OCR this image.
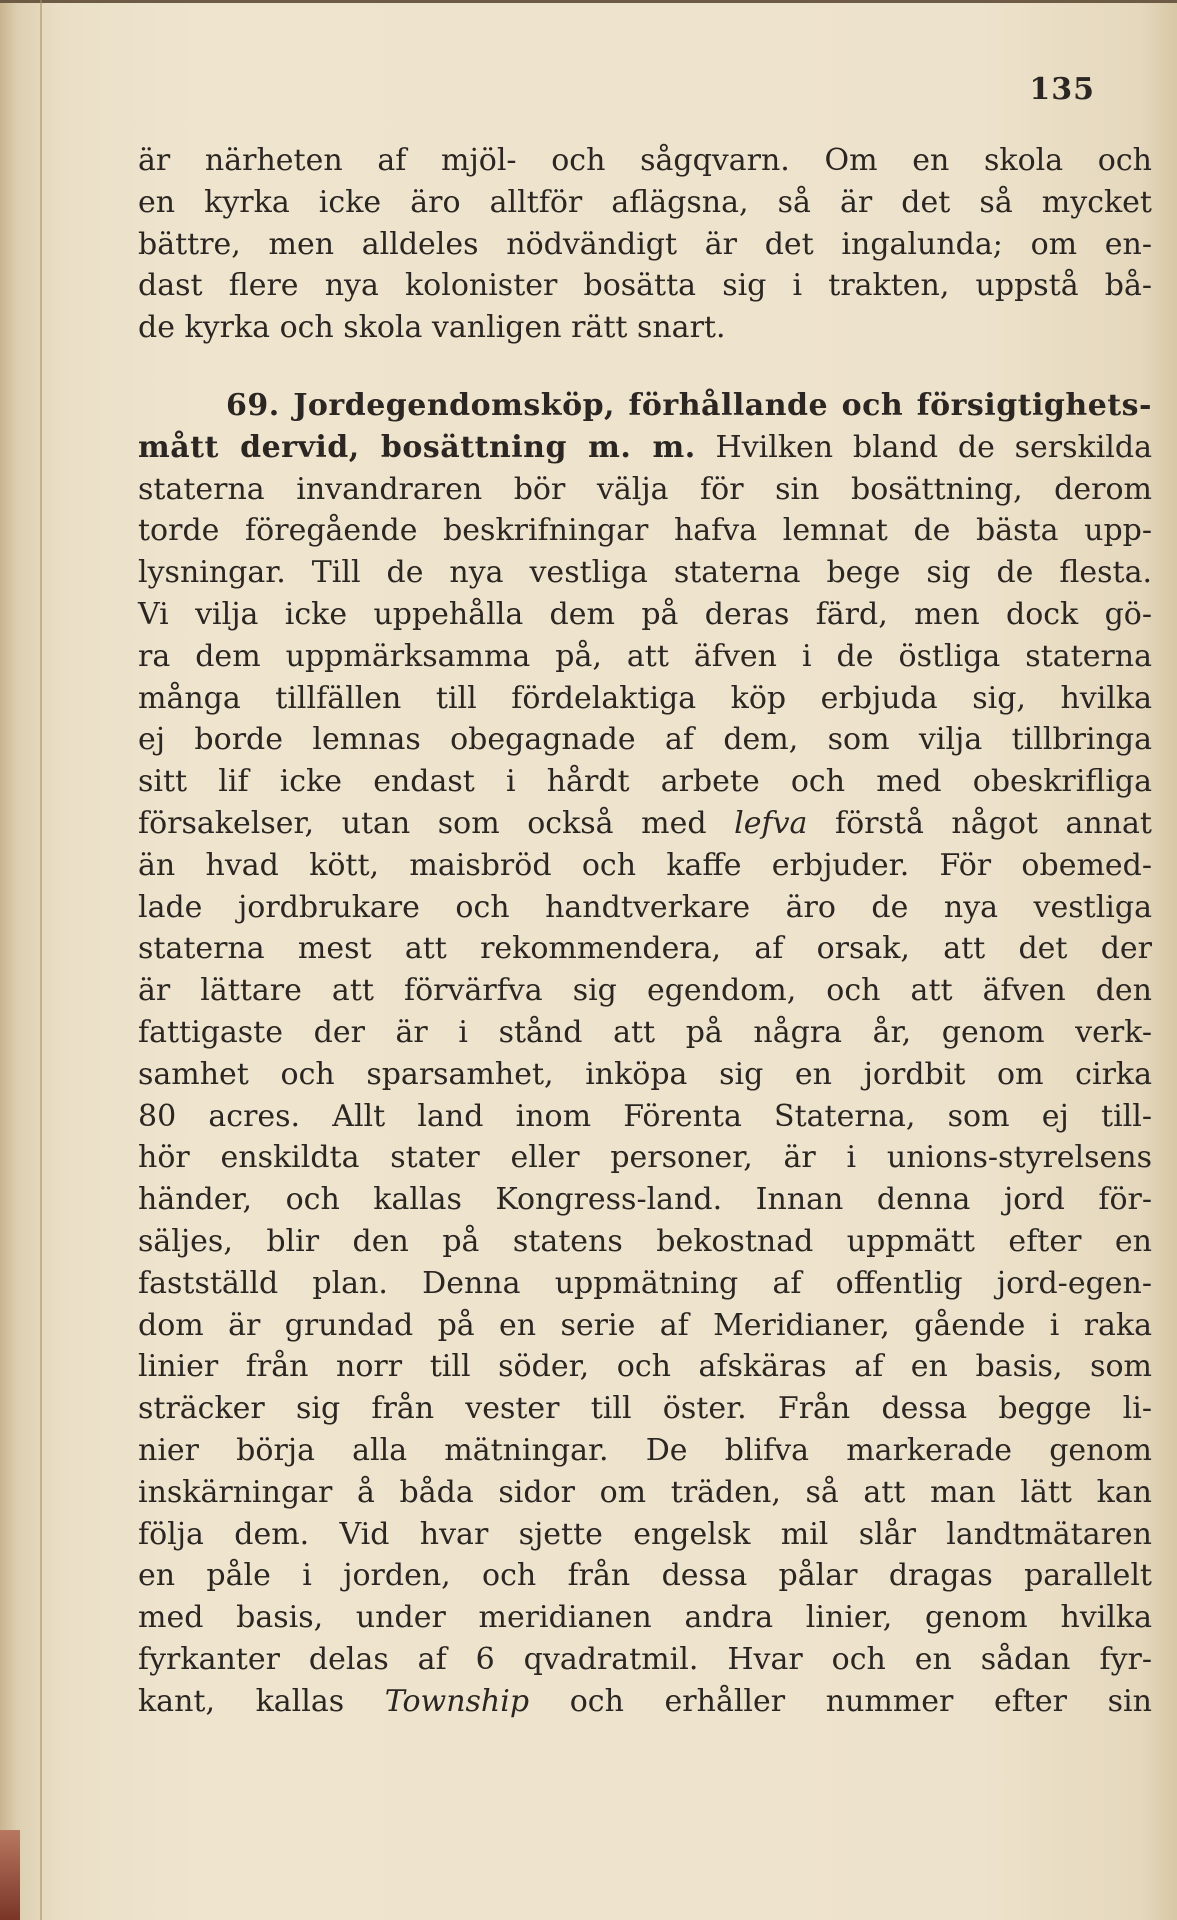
135
är närheten af mjöl- och sågqvarn. Om en skola och
en kyrka icke äro alltför aflägsna, så är det så mycket
bättre, men alldeles nödvändigt är det ingalunda; om en-
dast flere nya kolonister bosätta sig i trakten, uppstå bå-
de kyrka och skola vanligen rätt snart.
69. Jordegendomsköp, förhållande och försigtighets-
mått dervid, bosättning m. m. Hvilken bland de serskilda
staterna invandraren bör välja för sin bosättning, derom
torde föregående beskrifningar hafva lemnat de bästa upp-
lysningar. Till de nya vestliga staterna bege sig de flesta.
Vi vilja icke uppehålla dem på deras färd, men dock gö-
ra dem uppmärksamma på, att äfven i de östliga staterna
många tillfällen till fördelaktiga köp erbjuda sig, hvilka
ej borde lemnas obegagnade af dem, som vilja tillbringa
sitt lif icke endast i hårdt arbete och med obeskrifliga
försakelser, utan som också med lefva förstå något annat
än hvad kött, maisbröd och kaffe erbjuder. För obemed-
lade jordbrukare och handtverkare äro de nya vestliga
staterna mest att rekommendera, af orsak, att det der
är lättare att förvärfva sig egendom, och att äfven den
fattigaste der är i stånd att på några år, genom verk-
samhet och sparsamhet, inköpa sig en jordbit om cirka
80 acres. Allt land inom Förenta Staterna, som ej till-
hör enskildta stater eller personer, är i unions-styrelsens
händer, och kallas Kongress-land. Innan denna jord för-
säljes, blir den på statens bekostnad uppmätt efter en
fastställd plan. Denna uppmätning af offentlig jord-egen-
dom är grundad på en serie af Meridianer, gående i raka
linier från norr till söder, och afskäras af en basis, som
sträcker sig från vester till öster. Från dessa begge li-
nier börja alla mätningar. De blifva markerade genom
inskärningar å båda sidor om träden, så att man lätt kan
följa dem. Vid hvar sjette engelsk mil slår landtmätaren
en påle i jorden, och från dessa pålar dragas parallelt
med basis, under meridianen andra linier, genom hvilka
fyrkanter delas af 6 qvadratmil. Hvar och en sådan fyr-
kant, kallas Township och erhåller nummer efter sin
